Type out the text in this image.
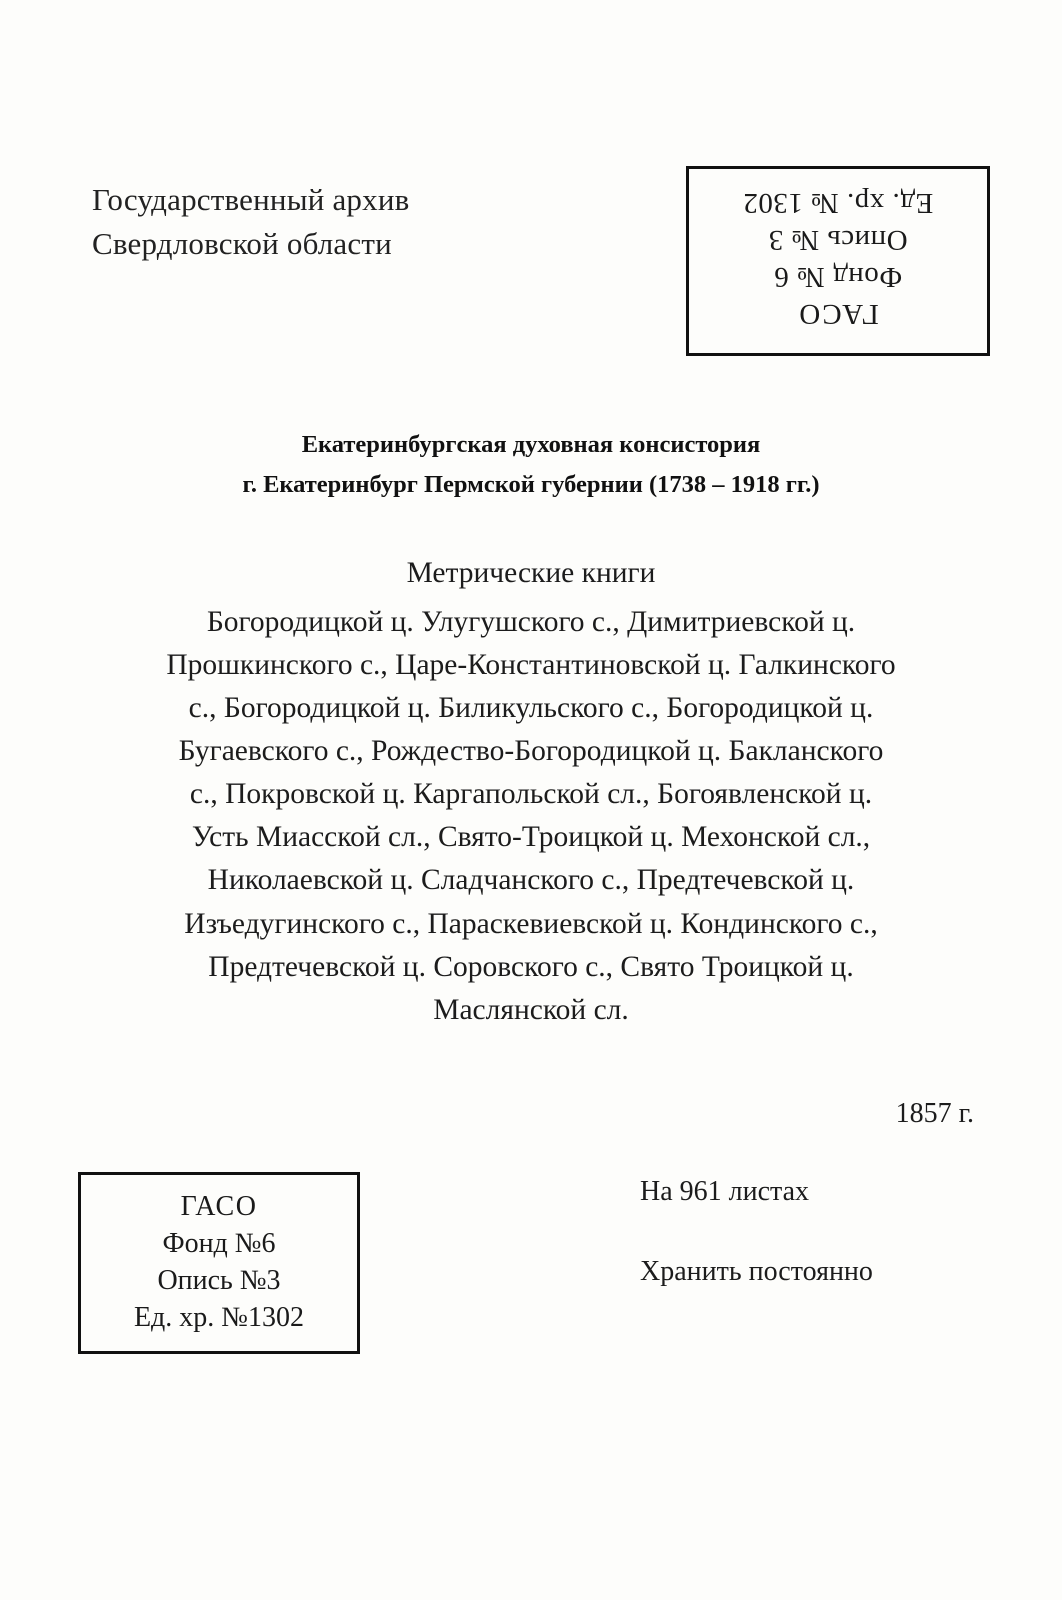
Государственный архив
Свердловской области
ГАСО
Фонд № 6
Опись № 3
Ед. хр. № 1302
Екатеринбургская духовная консистория
г. Екатеринбург Пермской губернии (1738 – 1918 гг.)
Метрические книги
Богородицкой ц. Улугушского с., Димитриевской ц.
Прошкинского с., Царе-Константиновской ц. Галкинского
с., Богородицкой ц. Биликульского с., Богородицкой ц.
Бугаевского с., Рождество-Богородицкой ц. Бакланского
с., Покровской ц. Каргапольской сл., Богоявленской ц.
Усть Миасской сл., Свято-Троицкой ц. Мехонской сл.,
Николаевской ц. Сладчанского с., Предтечевской ц.
Изъедугинского с., Параскевиевской ц. Кондинского с.,
Предтечевской ц. Соровского с., Свято Троицкой ц.
Маслянской сл.
1857 г.
ГАСО
Фонд №6
Опись №3
Ед. хр. №1302
На 961 листах
Хранить постоянно
